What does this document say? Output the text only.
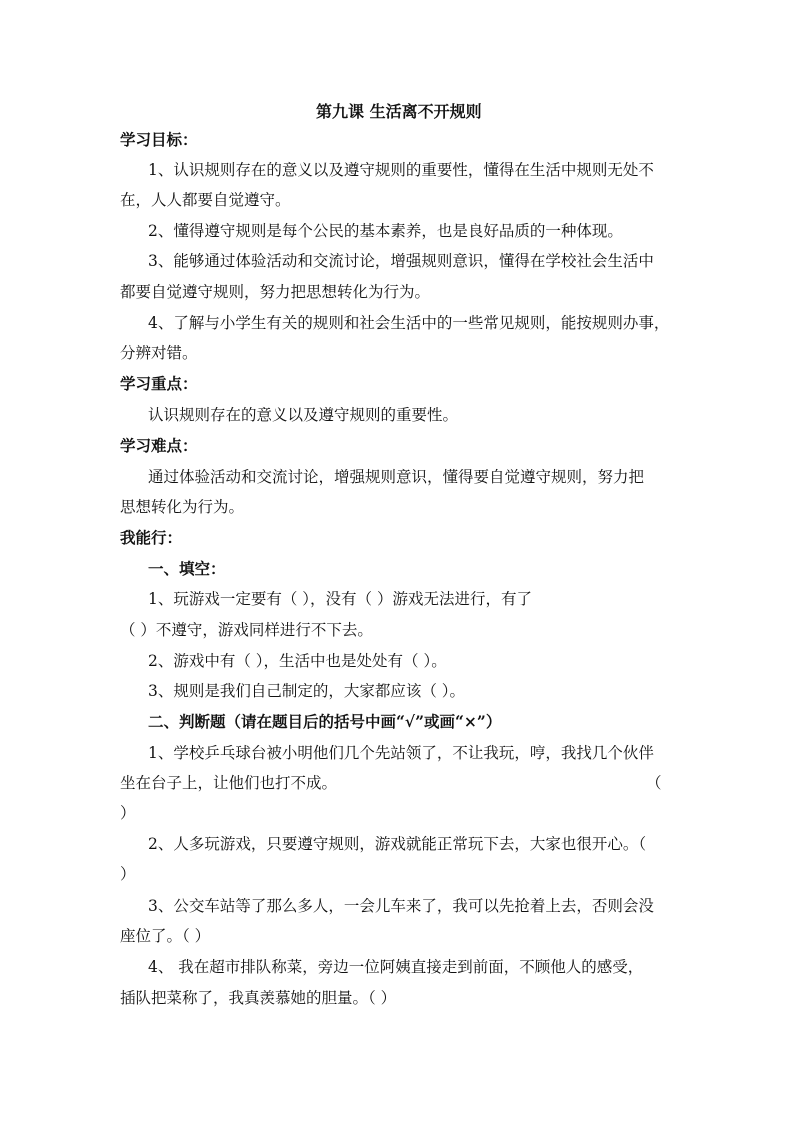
第九课 生活离不开规则
学习目标：
1、认识规则存在的意义以及遵守规则的重要性，懂得在生活中规则无处不
在，人人都要自觉遵守。
2、懂得遵守规则是每个公民的基本素养，也是良好品质的一种体现。
3、能够通过体验活动和交流讨论，增强规则意识，懂得在学校社会生活中
都要自觉遵守规则，努力把思想转化为行为。
4、了解与小学生有关的规则和社会生活中的一些常见规则，能按规则办事，
分辨对错。
学习重点：
认识规则存在的意义以及遵守规则的重要性。
学习难点：
通过体验活动和交流讨论，增强规则意识，懂得要自觉遵守规则，努力把
思想转化为行为。
我能行：
一、填空：
1、玩游戏一定要有（ ），没有（ ）游戏无法进行，有了
（ ）不遵守，游戏同样进行不下去。
2、游戏中有（ ），生活中也是处处有（ ）。
3、规则是我们自己制定的，大家都应该（ ）。
二、判断题（请在题目后的括号中画“√”或画“×”）
1、学校乒乓球台被小明他们几个先站领了，不让我玩，哼，我找几个伙伴
坐在台子上，让他们也打不成。	（
）
2、人多玩游戏，只要遵守规则，游戏就能正常玩下去，大家也很开心。（
）
3、公交车站等了那么多人，一会儿车来了，我可以先抢着上去，否则会没
座位了。（ ）
4、 我在超市排队称菜，旁边一位阿姨直接走到前面，不顾他人的感受，
插队把菜称了，我真羡慕她的胆量。（ ）
